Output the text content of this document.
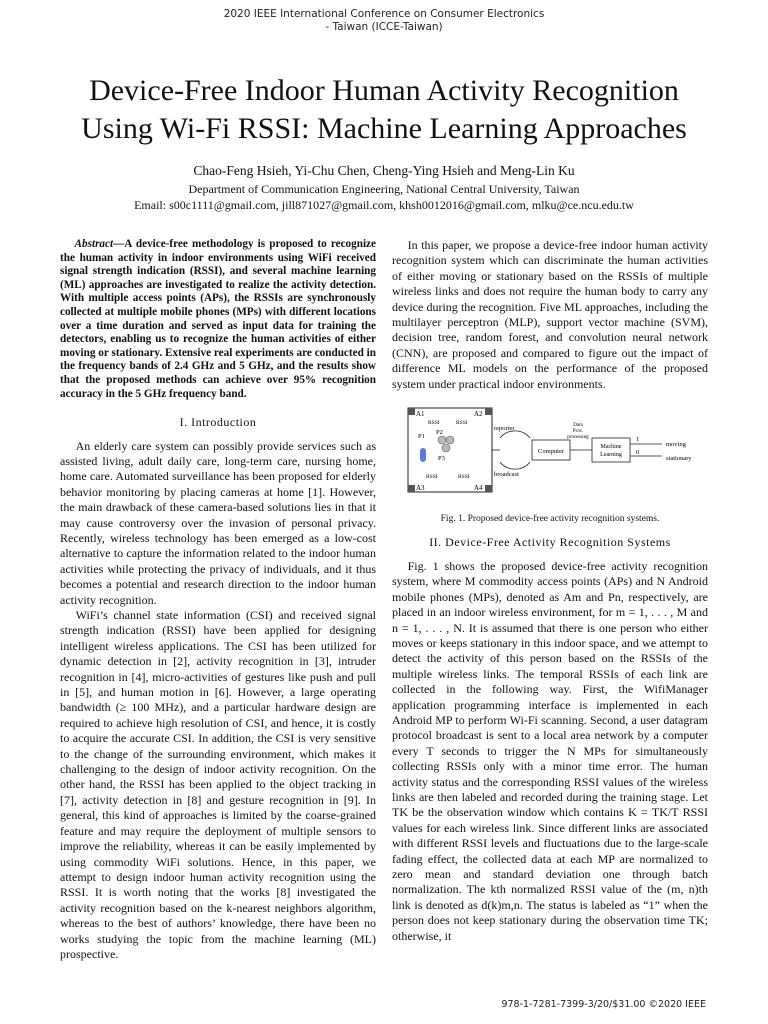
2020 IEEE International Conference on Consumer Electronics
- Taiwan (ICCE-Taiwan)
Device-Free Indoor Human Activity Recognition
Using Wi-Fi RSSI: Machine Learning Approaches
Chao-Feng Hsieh, Yi-Chu Chen, Cheng-Ying Hsieh and Meng-Lin Ku
Department of Communication Engineering, National Central University, Taiwan
Email: s00c1111@gmail.com, jill871027@gmail.com, khsh0012016@gmail.com, mlku@ce.ncu.edu.tw

Abstract—A device-free methodology is proposed to recognize the human activity in indoor environments using WiFi received signal strength indication (RSSI), and several machine learning (ML) approaches are investigated to realize the activity detection. With multiple access points (APs), the RSSIs are synchronously collected at multiple mobile phones (MPs) with different locations over a time duration and served as input data for training the detectors, enabling us to recognize the human activities of either moving or stationary. Extensive real experiments are conducted in the frequency bands of 2.4 GHz and 5 GHz, and the results show that the proposed methods can achieve over 95% recognition accuracy in the 5 GHz frequency band.

I. Introduction

An elderly care system can possibly provide services such as assisted living, adult daily care, long-term care, nursing home, home care. Automated surveillance has been proposed for elderly behavior monitoring by placing cameras at home [1]. However, the main drawback of these camera-based solutions lies in that it may cause controversy over the invasion of personal privacy. Recently, wireless technology has been emerged as a low-cost alternative to capture the information related to the indoor human activities while protecting the privacy of individuals, and it thus becomes a potential and research direction to the indoor human activity recognition.

WiFi’s channel state information (CSI) and received signal strength indication (RSSI) have been applied for designing intelligent wireless applications. The CSI has been utilized for dynamic detection in [2], activity recognition in [3], intruder recognition in [4], micro-activities of gestures like push and pull in [5], and human motion in [6]. However, a large operating bandwidth (≥ 100 MHz), and a particular hardware design are required to achieve high resolution of CSI, and hence, it is costly to acquire the accurate CSI. In addition, the CSI is very sensitive to the change of the surrounding environment, which makes it challenging to the design of indoor activity recognition. On the other hand, the RSSI has been applied to the object tracking in [7], activity detection in [8] and gesture recognition in [9]. In general, this kind of approaches is limited by the coarse-grained feature and may require the deployment of multiple sensors to improve the reliability, whereas it can be easily implemented by using commodity WiFi solutions. Hence, in this paper, we attempt to design indoor human activity recognition using the RSSI. It is worth noting that the works [8] investigated the activity recognition based on the k-nearest neighbors algorithm, whereas to the best of authors’ knowledge, there have been no works studying the topic from the machine learning (ML) prospective.

In this paper, we propose a device-free indoor human activity recognition system which can discriminate the human activities of either moving or stationary based on the RSSIs of multiple wireless links and does not require the human body to carry any device during the recognition. Five ML approaches, including the multilayer perceptron (MLP), support vector machine (SVM), decision tree, random forest, and convolution neural network (CNN), are proposed and compared to figure out the impact of difference ML models on the performance of the proposed system under practical indoor environments.

A1	A2
A3	A4
RSSI	RSSI
RSSI	RSSI
P1
P2
P3
reporter
broadcast
Computer
Data
Proc.
processing
Machine
Learning
1
0
moving
stationary

Fig. 1. Proposed device-free activity recognition systems.

II. Device-Free Activity Recognition Systems

Fig. 1 shows the proposed device-free activity recognition system, where M commodity access points (APs) and N Android mobile phones (MPs), denoted as Am and Pn, respectively, are placed in an indoor wireless environment, for m = 1, . . . , M and n = 1, . . . , N. It is assumed that there is one person who either moves or keeps stationary in this indoor space, and we attempt to detect the activity of this person based on the RSSIs of the multiple wireless links. The temporal RSSIs of each link are collected in the following way. First, the WifiManager application programming interface is implemented in each Android MP to perform Wi-Fi scanning. Second, a user datagram protocol broadcast is sent to a local area network by a computer every T seconds to trigger the N MPs for simultaneously collecting RSSIs only with a minor time error. The human activity status and the corresponding RSSI values of the wireless links are then labeled and recorded during the training stage. Let TK be the observation window which contains K = TK/T RSSI values for each wireless link. Since different links are associated with different RSSI levels and fluctuations due to the large-scale fading effect, the collected data at each MP are normalized to zero mean and standard deviation one through batch normalization. The kth normalized RSSI value of the (m, n)th link is denoted as d(k)m,n. The status is labeled as “1” when the person does not keep stationary during the observation time TK; otherwise, it

978-1-7281-7399-3/20/$31.00 ©2020 IEEE
